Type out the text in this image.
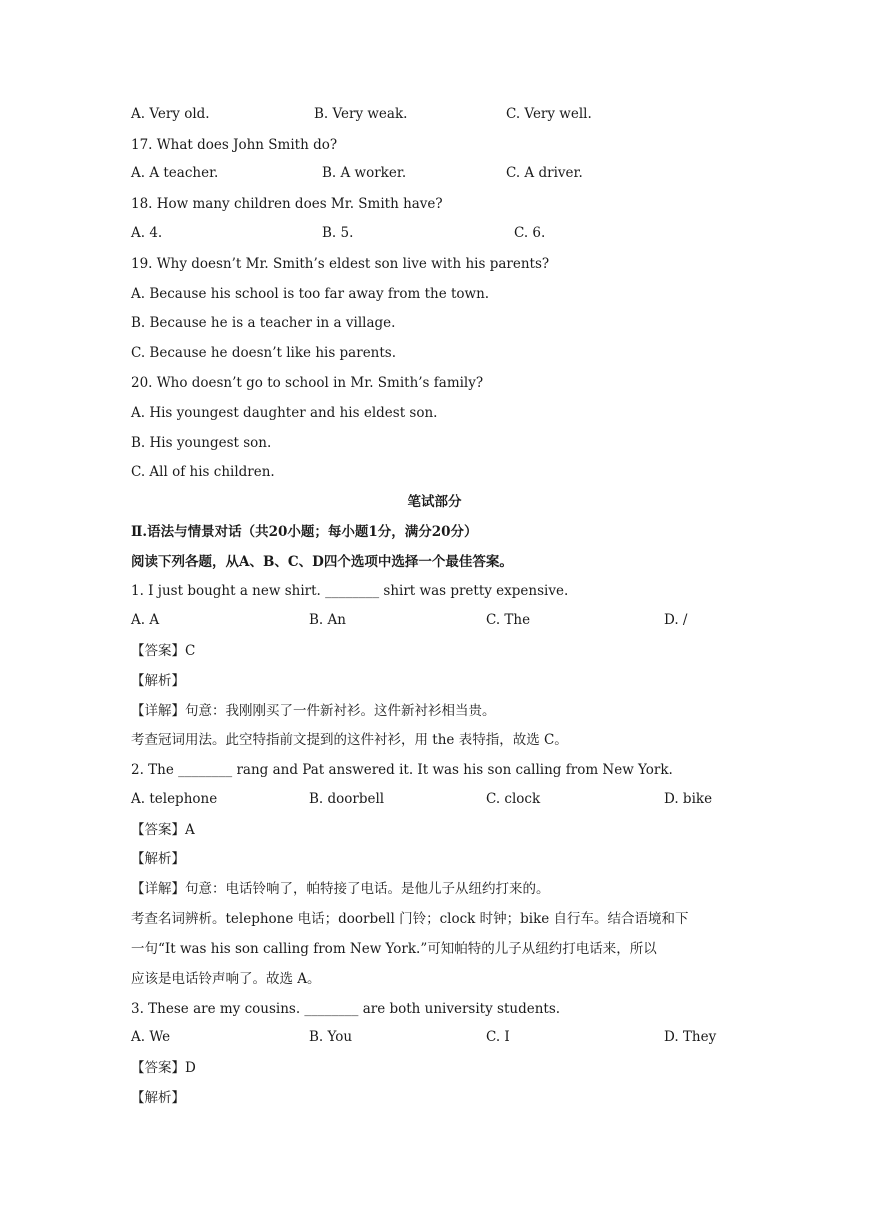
A. Very old.	B. Very weak.	C. Very well.
17. What does John Smith do?
A. A teacher.	B. A worker.	C. A driver.
18. How many children does Mr. Smith have?
A. 4.	B. 5.	C. 6.
19. Why doesn’t Mr. Smith’s eldest son live with his parents?
A. Because his school is too far away from the town.
B. Because he is a teacher in a village.
C. Because he doesn’t like his parents.
20. Who doesn’t go to school in Mr. Smith’s family?
A. His youngest daughter and his eldest son.
B. His youngest son.
C. All of his children.
笔试部分
Ⅱ.语法与情景对话（共20小题；每小题1分，满分20分）
阅读下列各题，从A、B、C、D四个选项中选择一个最佳答案。
1. I just bought a new shirt. ________ shirt was pretty expensive.
A. A	B. An	C. The	D. /
【答案】C
【解析】
【详解】句意：我刚刚买了一件新衬衫。这件新衬衫相当贵。
考查冠词用法。此空特指前文提到的这件衬衫，用 the 表特指，故选 C。
2. The ________ rang and Pat answered it. It was his son calling from New York.
A. telephone	B. doorbell	C. clock	D. bike
【答案】A
【解析】
【详解】句意：电话铃响了，帕特接了电话。是他儿子从纽约打来的。
考查名词辨析。telephone 电话；doorbell 门铃；clock 时钟；bike 自行车。结合语境和下
一句“It was his son calling from New York.”可知帕特的儿子从纽约打电话来，所以
应该是电话铃声响了。故选 A。
3. These are my cousins. ________ are both university students.
A. We	B. You	C. I	D. They
【答案】D
【解析】
